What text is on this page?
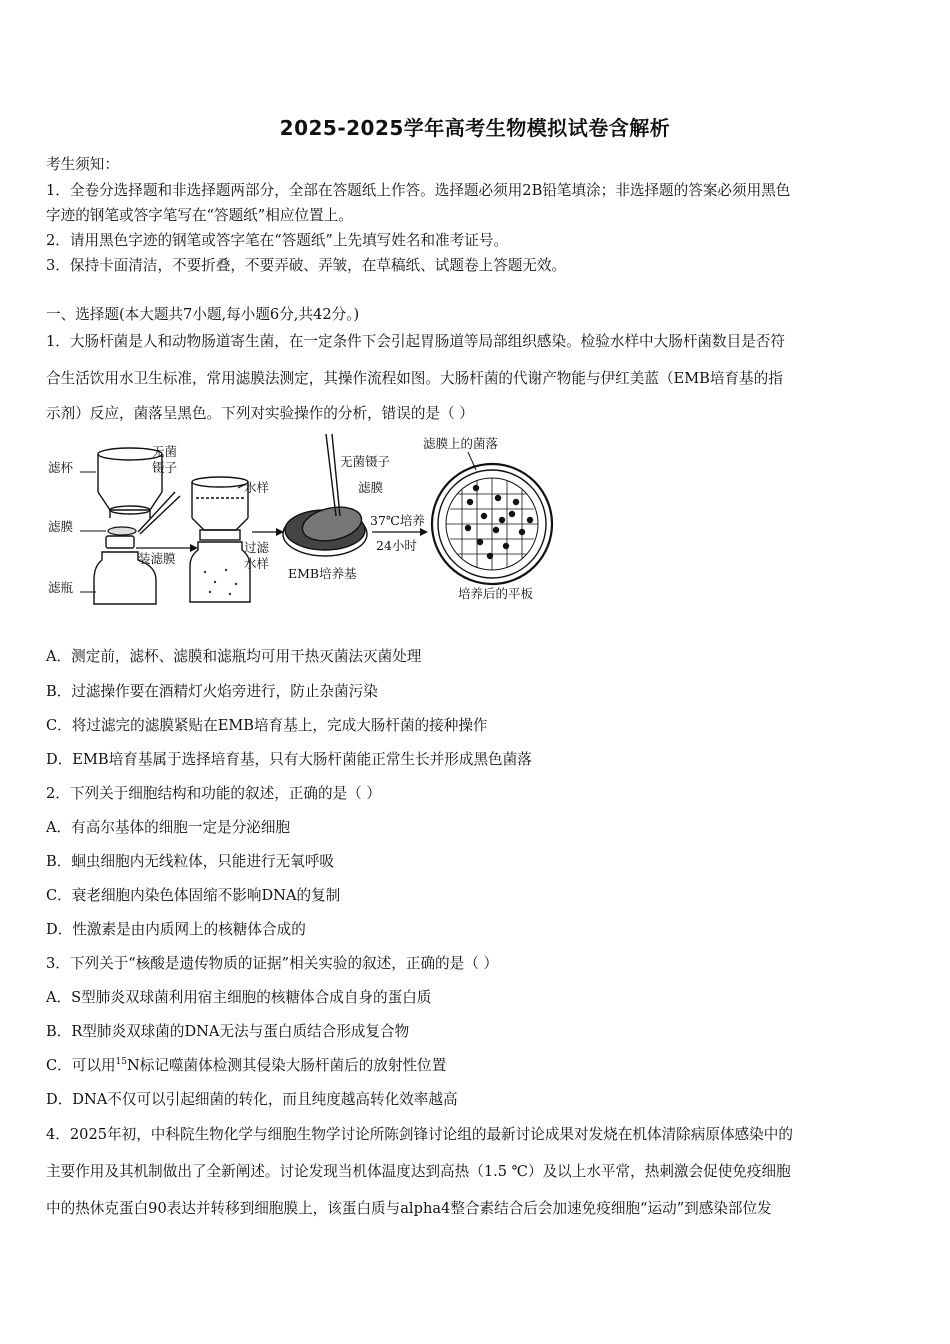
2025-2025学年高考生物模拟试卷含解析
考生须知：
1．全卷分选择题和非选择题两部分，全部在答题纸上作答。选择题必须用2B铅笔填涂；非选择题的答案必须用黑色
字迹的钢笔或答字笔写在“答题纸”相应位置上。
2．请用黑色字迹的钢笔或答字笔在“答题纸”上先填写姓名和准考证号。
3．保持卡面清洁，不要折叠，不要弄破、弄皱，在草稿纸、试题卷上答题无效。
一、选择题(本大题共7小题,每小题6分,共42分。)
1．大肠杆菌是人和动物肠道寄生菌，在一定条件下会引起胃肠道等局部组织感染。检验水样中大肠杆菌数目是否符
合生活饮用水卫生标准，常用滤膜法测定，其操作流程如图。大肠杆菌的代谢产物能与伊红美蓝（EMB培育基的指
示剂）反应，菌落呈黑色。下列对实验操作的分析，错误的是（ ）
滤杯
滤膜
滤瓶
无菌
镊子
装滤膜
水样
过滤
水样
无菌镊子
滤膜
EMB培养基
37℃培养
24小时
滤膜上的菌落
培养后的平板
A．测定前，滤杯、滤膜和滤瓶均可用干热灭菌法灭菌处理
B．过滤操作要在酒精灯火焰旁进行，防止杂菌污染
C．将过滤完的滤膜紧贴在EMB培育基上，完成大肠杆菌的接种操作
D．EMB培育基属于选择培育基，只有大肠杆菌能正常生长并形成黑色菌落
2．下列关于细胞结构和功能的叙述，正确的是（ ）
A．有高尔基体的细胞一定是分泌细胞
B．蛔虫细胞内无线粒体，只能进行无氧呼吸
C．衰老细胞内染色体固缩不影响DNA的复制
D．性激素是由内质网上的核糖体合成的
3．下列关于“核酸是遗传物质的证据”相关实验的叙述，正确的是（ ）
A．S型肺炎双球菌利用宿主细胞的核糖体合成自身的蛋白质
B．R型肺炎双球菌的DNA无法与蛋白质结合形成复合物
C．可以用$^{15}$N标记噬菌体检测其侵染大肠杆菌后的放射性位置
D．DNA不仅可以引起细菌的转化，而且纯度越高转化效率越高
4．2025年初，中科院生物化学与细胞生物学讨论所陈剑锋讨论组的最新讨论成果对发烧在机体清除病原体感染中的
主要作用及其机制做出了全新阐述。讨论发现当机体温度达到高热（1.5 ℃）及以上水平常，热刺激会促使免疫细胞
中的热休克蛋白90表达并转移到细胞膜上，该蛋白质与alpha4整合素结合后会加速免疫细胞“运动”到感染部位发
